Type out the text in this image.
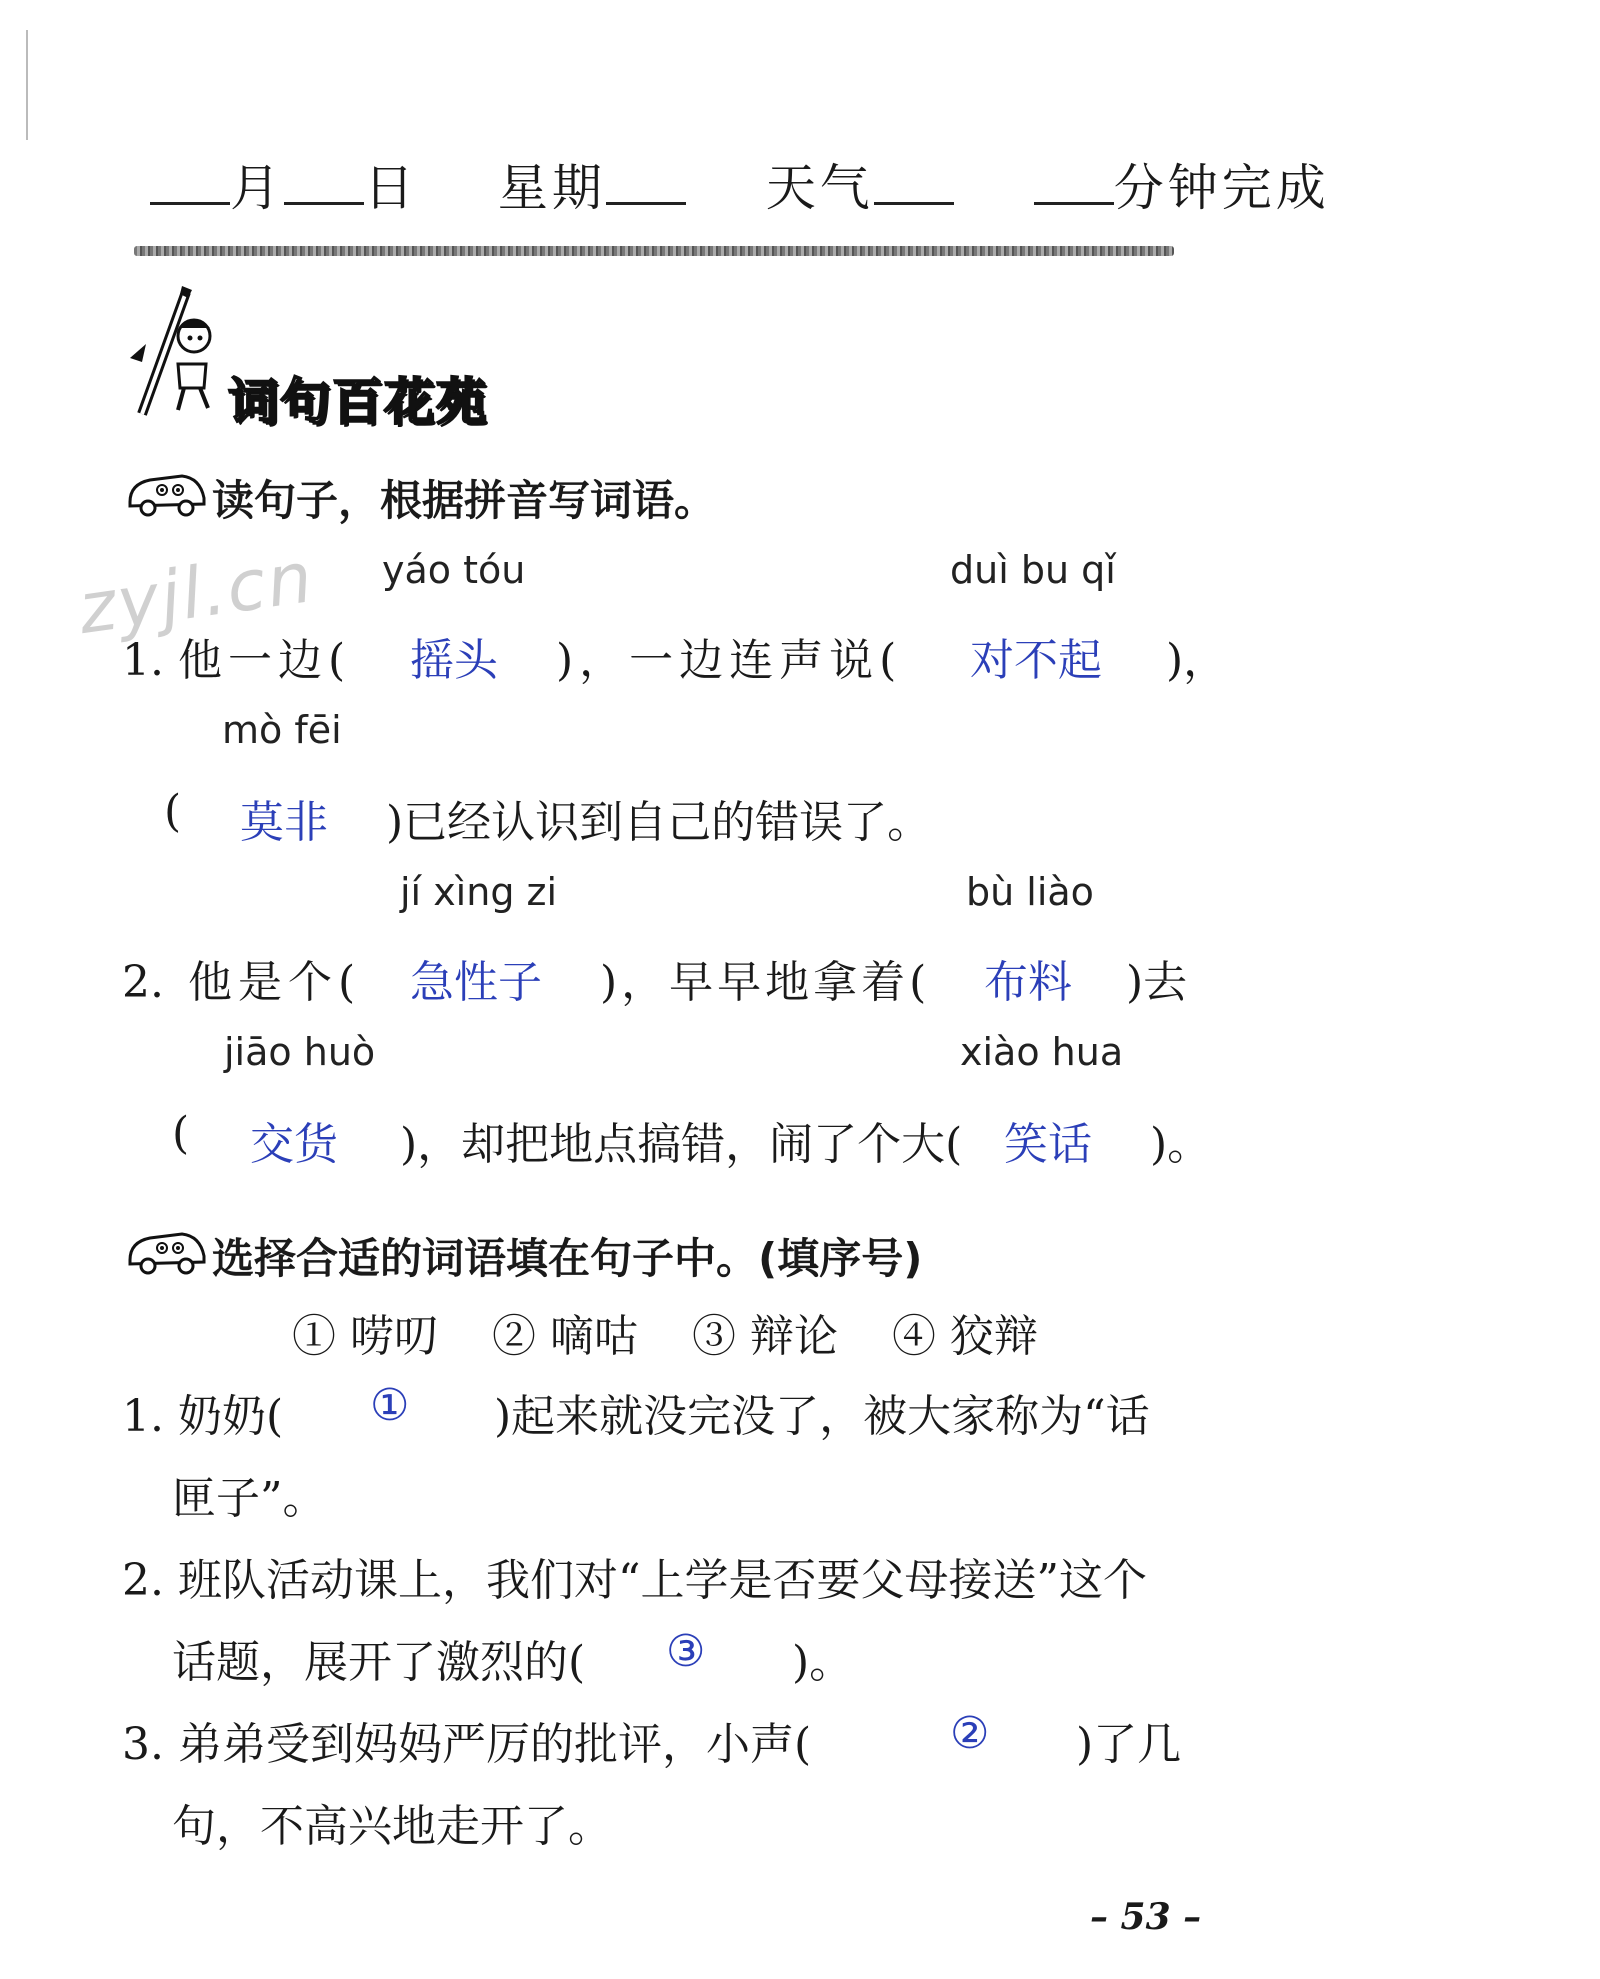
月 日 星期	天气	分钟完成
词句百花苑
zyjl.cn
读句子，根据拼音写词语。
yáo tóu	duì bu qǐ
1. 他一边( 摇头 )，一边连声说( 对不起 )，
mò fēi
( 莫非 )已经认识到自己的错误了。
jí xìng zi	bù liào
2. 他是个( 急性子 )，早早地拿着( 布料 )去
jiāo huò	xiào hua
( 交货 )，却把地点搞错，闹了个大( 笑话 )。
选择合适的词语填在句子中。(填序号)
① 唠叨 ② 嘀咕 ③ 辩论 ④ 狡辩
1. 奶奶( ① )起来就没完没了，被大家称为“话
匣子”。
2. 班队活动课上，我们对“上学是否要父母接送”这个
话题，展开了激烈的( ③ )。
3. 弟弟受到妈妈严厉的批评，小声(	② )了几
句，不高兴地走开了。
– 53 –
